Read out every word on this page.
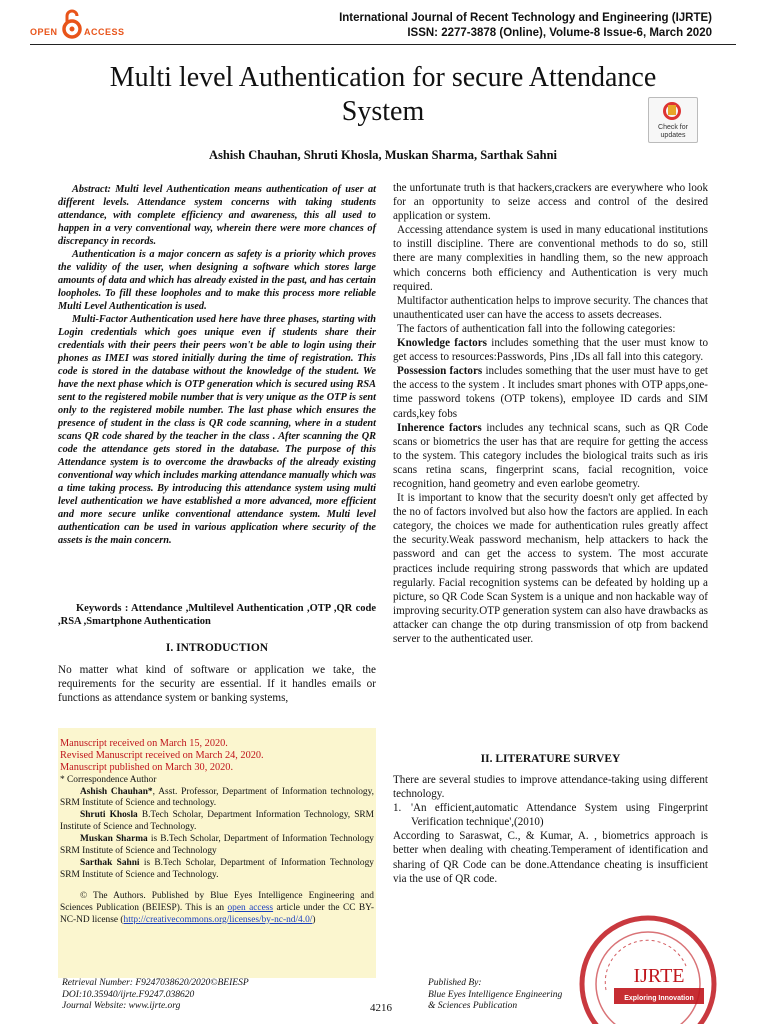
OPEN	ACCESS
International Journal of Recent Technology and Engineering (IJRTE)
ISSN: 2277-3878 (Online), Volume-8 Issue-6, March 2020
Multi level Authentication for secure Attendance
System
Check for updates
Ashish Chauhan, Shruti Khosla, Muskan Sharma, Sarthak Sahni

Abstract: Multi level Authentication means authentication of user at different levels. Attendance system concerns with taking students attendance, with complete efficiency and awareness, this all used to happen in a very conventional way, wherein there were more chances of discrepancy in records.

Authentication is a major concern as safety is a priority which proves the validity of the user, when designing a software which stores large amounts of data and which has already existed in the past, and has certain loopholes. To fill these loopholes and to make this process more reliable Multi Level Authentication is used.

Multi-Factor Authentication used here have three phases, starting with Login credentials which goes unique even if students share their credentials with their peers their peers won't be able to login using their phones as IMEI was stored initially during the time of registration. This code is stored in the database without the knowledge of the student. We have the next phase which is OTP generation which is secured using RSA sent to the registered mobile number that is very unique as the OTP is sent only to the registered mobile number. The last phase which ensures the presence of student in the class is QR code scanning, where in a student scans QR code shared by the teacher in the class . After scanning the QR code the attendance gets stored in the database. The purpose of this Attendance system is to overcome the drawbacks of the already existing conventional way which includes marking attendance manually which was a time taking process. By introducing this attendance system using multi level authentication we have established a more advanced, more efficient and more secure unlike conventional attendance system. Multi level authentication can be used in various application where security of the assets is the main concern.

Keywords : Attendance ,Multilevel Authentication ,OTP ,QR code ,RSA ,Smartphone Authentication

I. INTRODUCTION

No matter what kind of software or application we take, the requirements for the security are essential. If it handles emails or functions as attendance system or banking systems,

Manuscript received on March 15, 2020.

Revised Manuscript received on March 24, 2020.

Manuscript published on March 30, 2020.

* Correspondence Author

Ashish Chauhan*, Asst. Professor, Department of Information technology, SRM Institute of Science and technology.

Shruti Khosla B.Tech Scholar, Department Information Technology, SRM Institute of Science and Technology.

Muskan Sharma is B.Tech Scholar, Department of Information Technology SRM Institute of Science and Technology

Sarthak Sahni is B.Tech Scholar, Department of Information Technology SRM Institute of Science and Technology.

© The Authors. Published by Blue Eyes Intelligence Engineering and Sciences Publication (BEIESP). This is an open access article under the CC BY-NC-ND license (http://creativecommons.org/licenses/by-nc-nd/4.0/)

the unfortunate truth is that hackers,crackers are everywhere who look for an opportunity to seize access and control of the desired application or system.

Accessing attendance system is used in many educational institutions to instill discipline. There are conventional methods to do so, still there are many complexities in handling them, so the new approach which concerns both efficiency and Authentication is very much required.

Multifactor authentication helps to improve security. The chances that unauthenticated user can have the access to assets decreases.

The factors of authentication fall into the following categories:

Knowledge factors includes something that the user must know to get access to resources:Passwords, Pins ,IDs all fall into this category.

Possession factors includes something that the user must have to get the access to the system . It includes smart phones with OTP apps,one-time password tokens (OTP tokens), employee ID cards and SIM cards,key fobs

Inherence factors includes any technical scans, such as QR Code scans or biometrics the user has that are require for getting the access to the system. This category includes the biological traits such as iris scans retina scans, fingerprint scans, facial recognition, voice recognition, hand geometry and even earlobe geometry.

It is important to know that the security doesn't only get affected by the no of factors involved but also how the factors are applied. In each category, the choices we made for authentication rules greatly affect the security.Weak password mechanism, help attackers to hack the password and can get the access to system. The most accurate practices include requiring strong passwords that which are updated regularly. Facial recognition systems can be defeated by holding up a picture, so QR Code Scan System is a unique and non hackable way of improving security.OTP generation system can also have drawbacks as attacker can change the otp during transmission of otp from backend server to the authenticated user.

II. LITERATURE SURVEY

There are several studies to improve attendance-taking using different technology.

1. 'An efficient,automatic Attendance System using Fingerprint Verification technique',(2010)

According to Saraswat, C., & Kumar, A. , biometrics approach is better when dealing with cheating.Temperament of identification and sharing of QR Code can be done.Attendance cheating is insufficient via the use of QR code.

Retrieval Number: F9247038620/2020©BEIESP
DOI:10.35940/ijrte.F9247.038620
Journal Website: www.ijrte.org	4216
Published By:
Blue Eyes Intelligence Engineering
& Sciences Publication
IJRTE
Exploring Innovation
